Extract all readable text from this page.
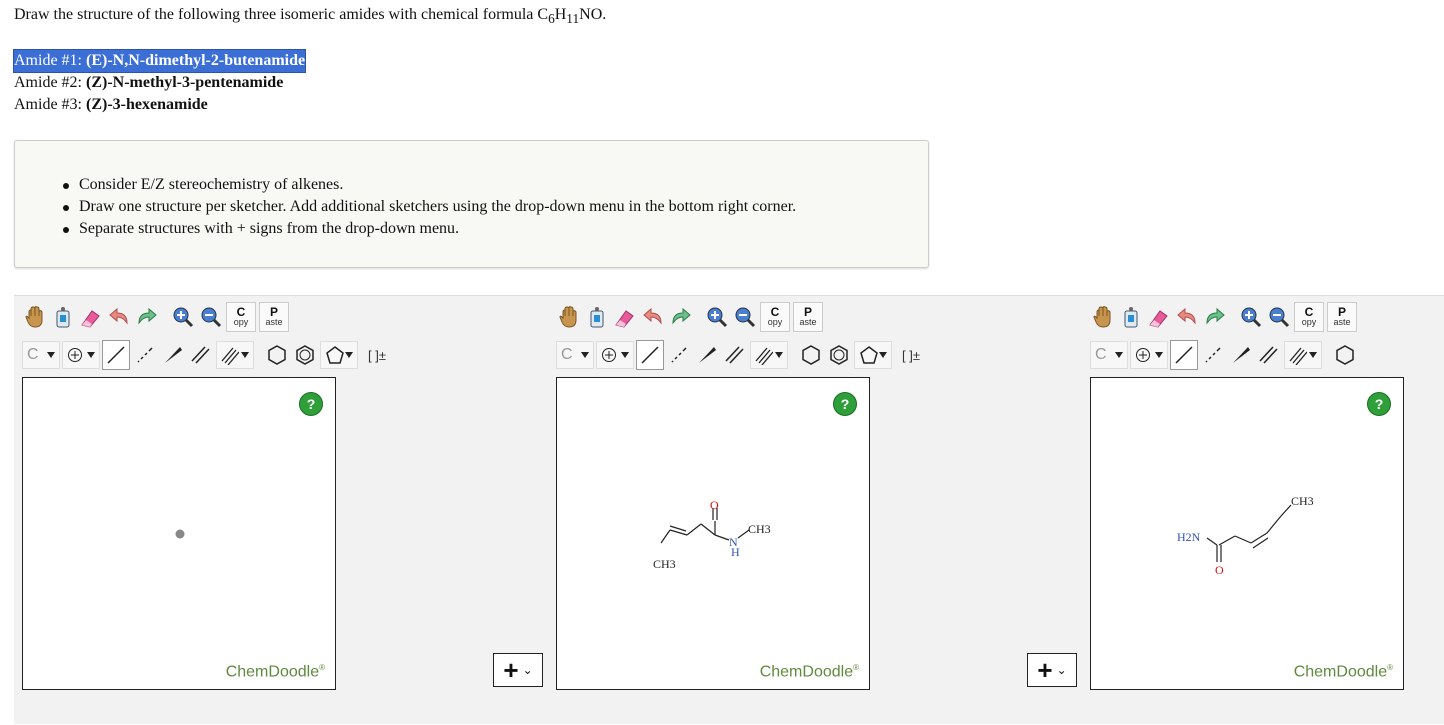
Draw the structure of the following three isomeric amides with chemical formula $C_6H_{11}NO$.
Amide #1: (E)-N,N-dimethyl-2-butenamide
Amide #2: (Z)-N-methyl-3-pentenamide
Amide #3: (Z)-3-hexenamide
Consider E/Z stereochemistry of alkenes.
Draw one structure per sketcher. Add additional sketchers using the drop-down menu in the bottom right corner.
Separate structures with + signs from the drop-down menu.
C
opy
P
aste
C	[ ]±
?
ChemDoodle®	+ ⌄
C
opy
P
aste
C	[ ]±
?
O
N
H
CH3
CH3
ChemDoodle®	+ ⌄
C
opy
P
aste
C
?
H2N
O
CH3
ChemDoodle®
